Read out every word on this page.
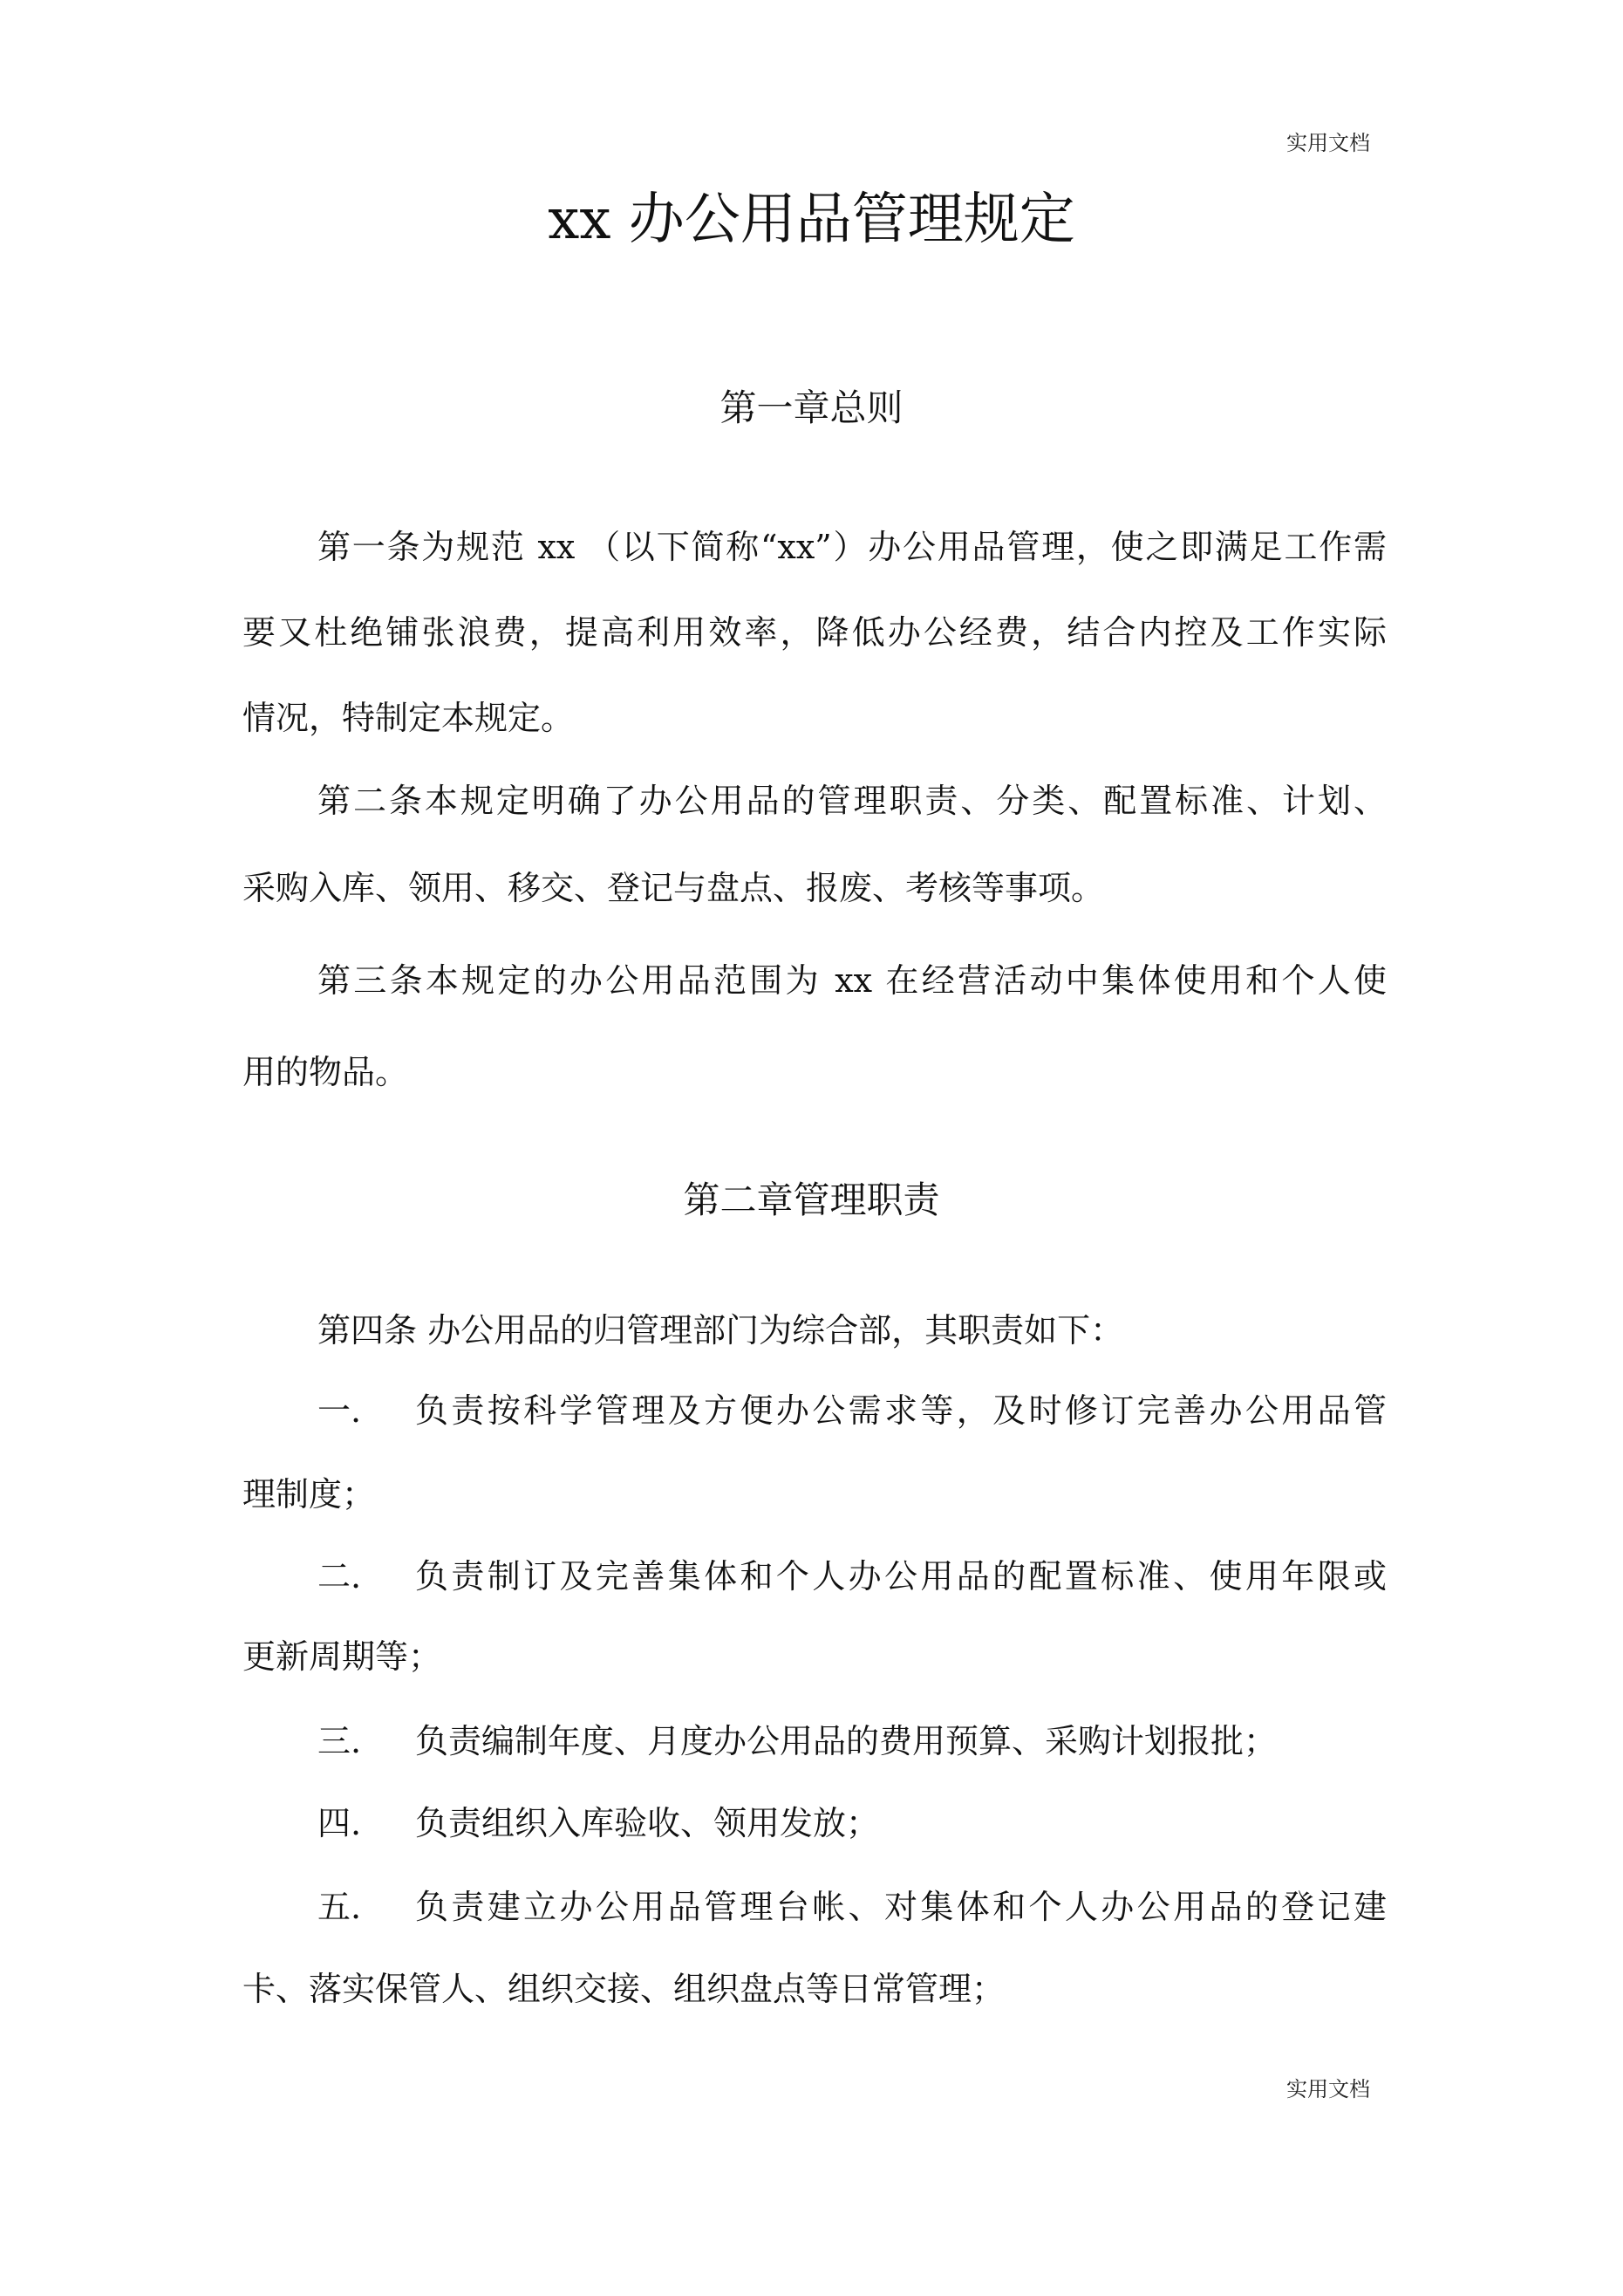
实用文档
xx 办公用品管理规定
第一章总则
第一条为规范 xx （以下简称“xx”）办公用品管理，使之即满足工作需
要又杜绝铺张浪费，提高利用效率，降低办公经费，结合内控及工作实际
情况，特制定本规定。
第二条本规定明确了办公用品的管理职责、分类、配置标准、计划、
采购入库、领用、移交、登记与盘点、报废、考核等事项。
第三条本规定的办公用品范围为 xx 在经营活动中集体使用和个人使
用的物品。
第二章管理职责
第四条 办公用品的归管理部门为综合部，其职责如下：
一. 负责按科学管理及方便办公需求等，及时修订完善办公用品管
理制度；
二. 负责制订及完善集体和个人办公用品的配置标准、使用年限或
更新周期等；
三. 负责编制年度、月度办公用品的费用预算、采购计划报批；
四. 负责组织入库验收、领用发放；
五. 负责建立办公用品管理台帐、对集体和个人办公用品的登记建
卡、落实保管人、组织交接、组织盘点等日常管理；
实用文档
